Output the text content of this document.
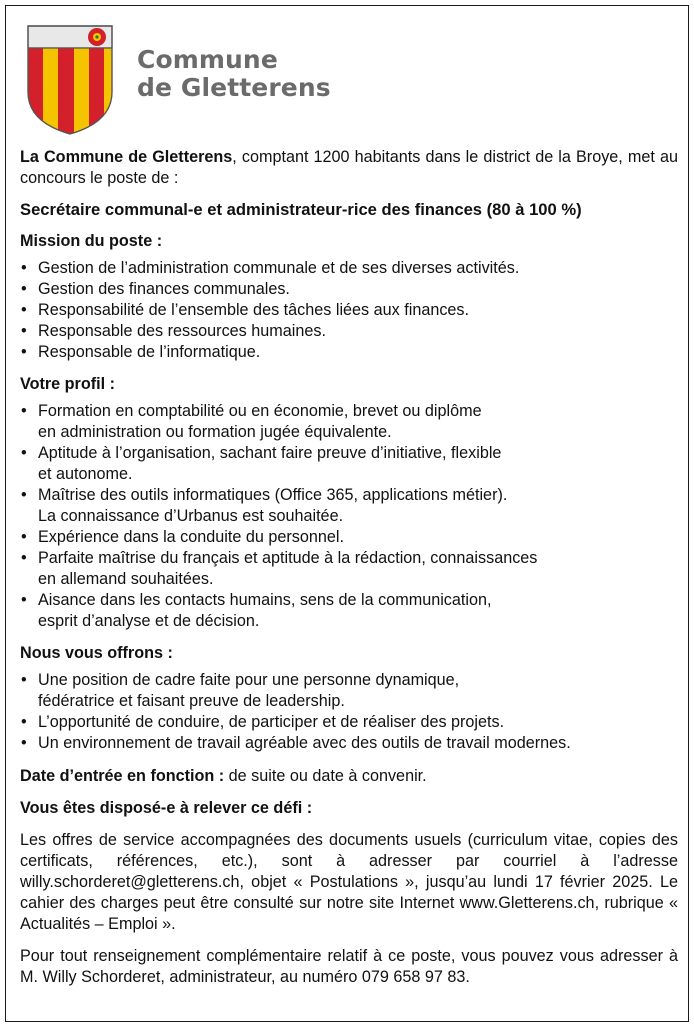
Commune
de Gletterens

La Commune de Gletterens, comptant 1200 habitants dans le district de la Broye, met au concours le poste de :

Secrétaire communal-e et administrateur-rice des finances (80 à 100 %)

Mission du poste :

• Gestion de l’administration communale et de ses diverses activités.
• Gestion des finances communales.
• Responsabilité de l’ensemble des tâches liées aux finances.
• Responsable des ressources humaines.
• Responsable de l’informatique.

Votre profil :

• Formation en comptabilité ou en économie, brevet ou diplôme
en administration ou formation jugée équivalente.
• Aptitude à l’organisation, sachant faire preuve d’initiative, flexible
et autonome.
• Maîtrise des outils informatiques (Office 365, applications métier).
La connaissance d’Urbanus est souhaitée.
• Expérience dans la conduite du personnel.
• Parfaite maîtrise du français et aptitude à la rédaction, connaissances
en allemand souhaitées.
• Aisance dans les contacts humains, sens de la communication,
esprit d’analyse et de décision.

Nous vous offrons :

• Une position de cadre faite pour une personne dynamique,
fédératrice et faisant preuve de leadership.
• L’opportunité de conduire, de participer et de réaliser des projets.
• Un environnement de travail agréable avec des outils de travail modernes.

Date d’entrée en fonction : de suite ou date à convenir.

Vous êtes disposé-e à relever ce défi :

Les offres de service accompagnées des documents usuels (curriculum vitae, copies des certificats, références, etc.), sont à adresser par courriel à l’adresse willy.schorderet@gletterens.ch, objet « Postulations », jusqu’au lundi 17 février 2025. Le cahier des charges peut être consulté sur notre site Internet www.Gletterens.ch, rubrique « Actualités – Emploi ».

Pour tout renseignement complémentaire relatif à ce poste, vous pouvez vous adresser à M. Willy Schorderet, administrateur, au numéro 079 658 97 83.
